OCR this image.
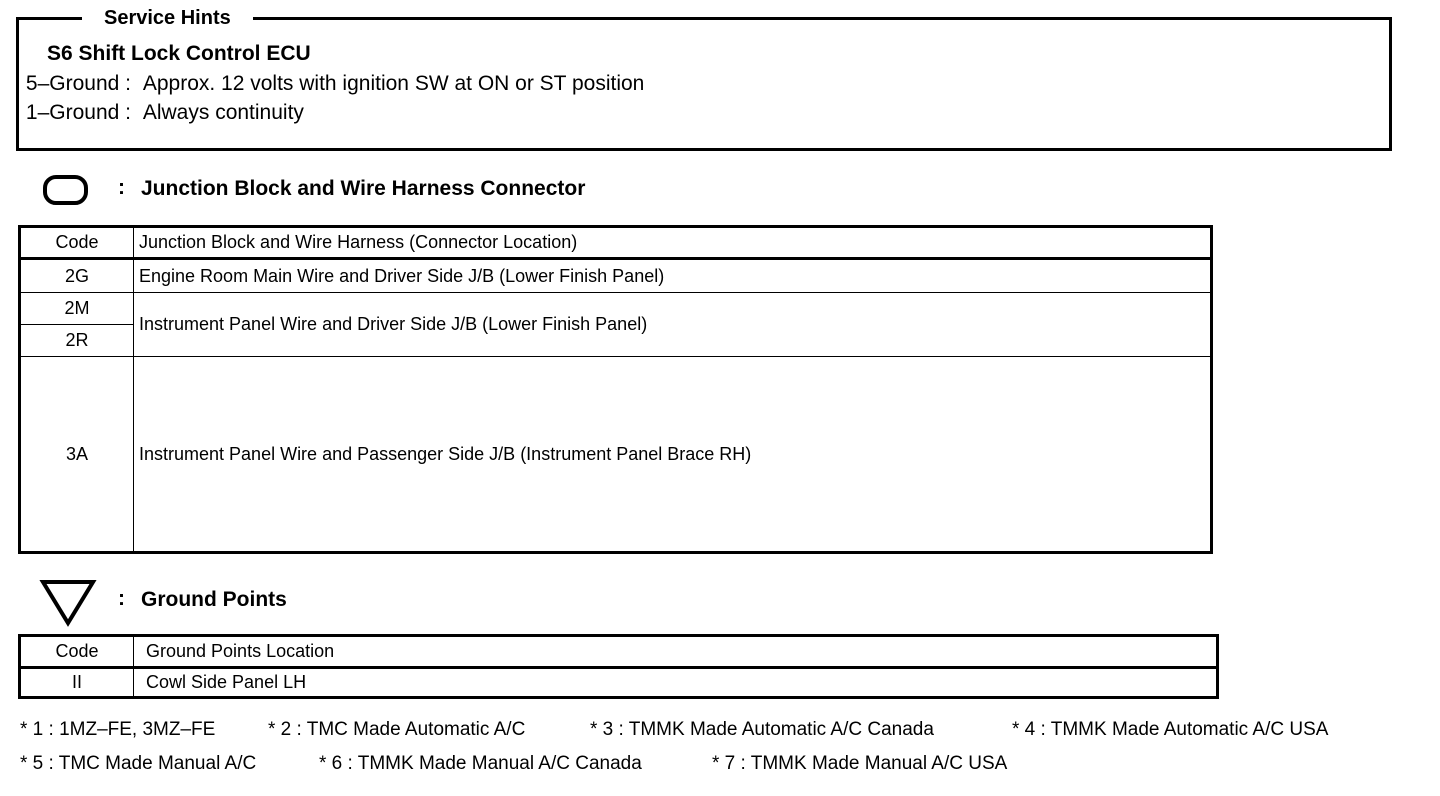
Service Hints
S6 Shift Lock Control ECU
5–Ground : Approx. 12 volts with ignition SW at ON or ST position
1–Ground : Always continuity
: Junction Block and Wire Harness Connector
Code	Junction Block and Wire Harness (Connector Location)
2G	Engine Room Main Wire and Driver Side J/B (Lower Finish Panel)
2M	Instrument Panel Wire and Driver Side J/B (Lower Finish Panel)
2R	
3A	Instrument Panel Wire and Passenger Side J/B (Instrument Panel Brace RH)
: Ground Points
Code	Ground Points Location
II	Cowl Side Panel LH
* 1 : 1MZ–FE, 3MZ–FE	* 2 : TMC Made Automatic A/C	* 3 : TMMK Made Automatic A/C Canada	* 4 : TMMK Made Automatic A/C USA
* 5 : TMC Made Manual A/C	* 6 : TMMK Made Manual A/C Canada	* 7 : TMMK Made Manual A/C USA
